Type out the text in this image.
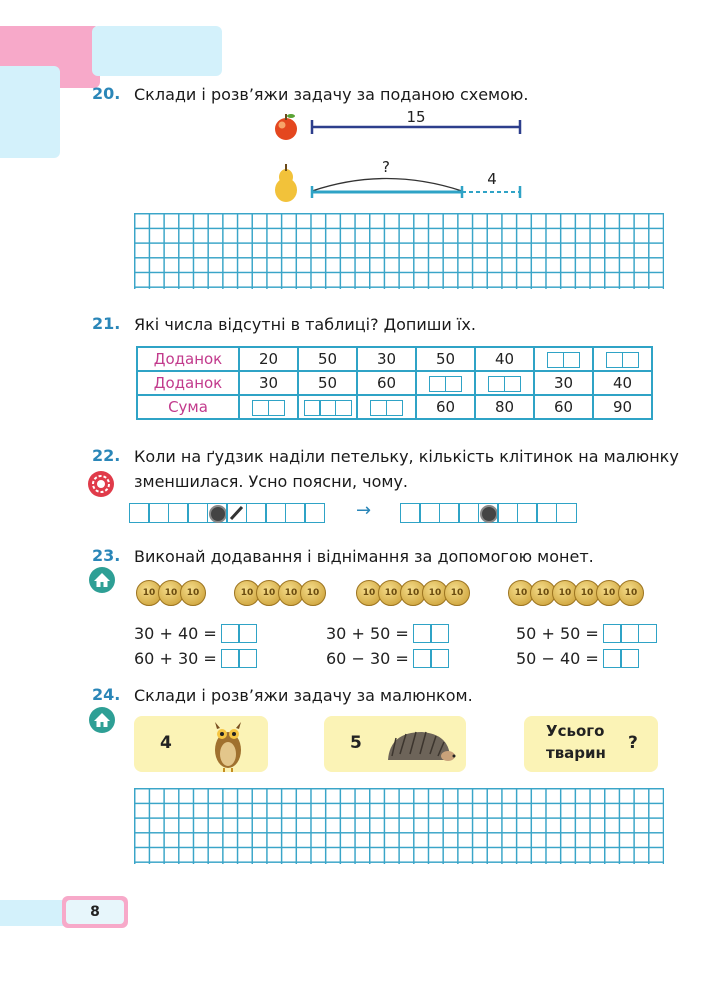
20. Склади і розв’яжи задачу за поданою схемою.
15
?
4
21. Які числа відсутні в таблиці? Допиши їх.
Доданок	20	50	30	50	40	

Доданок	30	50	60			30	40
Сума				60	80	60	90
22. Коли на ґудзик наділи петельку, кількість клітинок на малюнку
зменшилася. Усно поясни, чому.
→
23. Виконай додавання і віднімання за допомогою монет.
10	10	10	10	10	10	10	10	10	10	10	10	10	10	10	10	10	10
30 + 40 =
60 + 30 =
30 + 50 =
60 − 30 =
50 + 50 =
50 − 40 =
24. Склади і розв’яжи задачу за малюнком.
4	5
Усього
тварин ?
8
